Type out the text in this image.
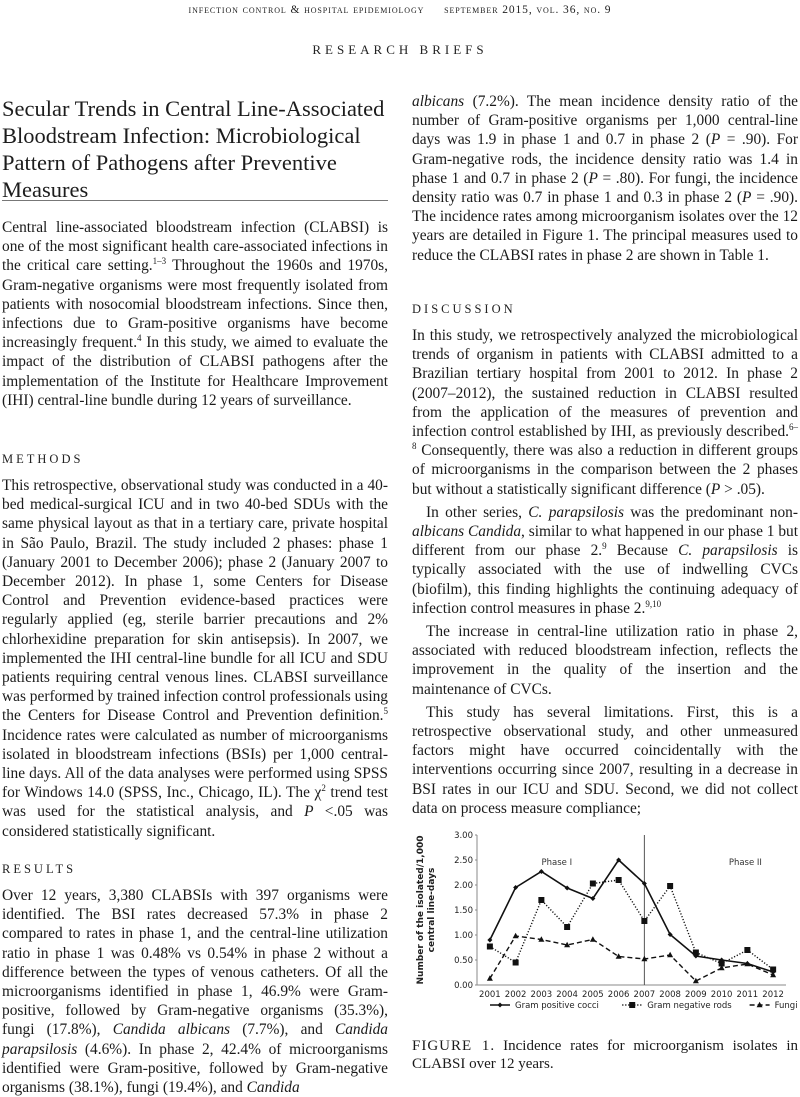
infection control & hospital epidemiology september 2015, vol. 36, no. 9
RESEARCH BRIEFS
Secular Trends in Central Line-Associated Bloodstream Infection: Microbiological Pattern of Pathogens after Preventive Measures

Central line-associated bloodstream infection (CLABSI) is one of the most significant health care-associated infections in the critical care setting.$^{1-3}$ Throughout the 1960s and 1970s, Gram-negative organisms were most frequently isolated from patients with nosocomial bloodstream infections. Since then, infections due to Gram-positive organisms have become increasingly frequent.$^4$ In this study, we aimed to evaluate the impact of the distribution of CLABSI pathogens after the implementation of the Institute for Healthcare Improvement (IHI) central-line bundle during 12 years of surveillance.

METHODS

This retrospective, observational study was conducted in a 40-bed medical-surgical ICU and in two 40-bed SDUs with the same physical layout as that in a tertiary care, private hospital in São Paulo, Brazil. The study included 2 phases: phase 1 (January 2001 to December 2006); phase 2 (January 2007 to December 2012). In phase 1, some Centers for Disease Control and Prevention evidence-based practices were regularly applied (eg, sterile barrier precautions and 2% chlorhexidine preparation for skin antisepsis). In 2007, we implemented the IHI central-line bundle for all ICU and SDU patients requiring central venous lines. CLABSI surveillance was performed by trained infection control professionals using the Centers for Disease Control and Prevention definition.$^5$ Incidence rates were calculated as number of microorganisms isolated in bloodstream infections (BSIs) per 1,000 central-line days. All of the data analyses were performed using SPSS for Windows 14.0 (SPSS, Inc., Chicago, IL). The $\chi^2$ trend test was used for the statistical analysis, and P <.05 was considered statistically significant.

RESULTS

Over 12 years, 3,380 CLABSIs with 397 organisms were identified. The BSI rates decreased 57.3% in phase 2 compared to rates in phase 1, and the central-line utilization ratio in phase 1 was 0.48% vs 0.54% in phase 2 without a difference between the types of venous catheters. Of all the microorganisms identified in phase 1, 46.9% were Gram-positive, followed by Gram-negative organisms (35.3%), fungi (17.8%), Candida albicans (7.7%), and Candida parapsilosis (4.6%). In phase 2, 42.4% of microorganisms identified were Gram-positive, followed by Gram-negative organisms (38.1%), fungi (19.4%), and Candida

albicans (7.2%). The mean incidence density ratio of the number of Gram-positive organisms per 1,000 central-line days was 1.9 in phase 1 and 0.7 in phase 2 (P = .90). For Gram-negative rods, the incidence density ratio was 1.4 in phase 1 and 0.7 in phase 2 (P = .80). For fungi, the incidence density ratio was 0.7 in phase 1 and 0.3 in phase 2 (P = .90). The incidence rates among microorganism isolates over the 12 years are detailed in Figure 1. The principal measures used to reduce the CLABSI rates in phase 2 are shown in Table 1.

DISCUSSION

In this study, we retrospectively analyzed the microbiological trends of organism in patients with CLABSI admitted to a Brazilian tertiary hospital from 2001 to 2012. In phase 2 (2007–2012), the sustained reduction in CLABSI resulted from the application of the measures of prevention and infection control established by IHI, as previously described.$^{6-8}$ Consequently, there was also a reduction in different groups of microorganisms in the comparison between the 2 phases but without a statistically significant difference (P > .05).

In other series, C. parapsilosis was the predominant non-albicans Candida, similar to what happened in our phase 1 but different from our phase 2.$^9$ Because C. parapsilosis is typically associated with the use of indwelling CVCs (biofilm), this finding highlights the continuing adequacy of infection control measures in phase 2.$^{9,10}$

The increase in central-line utilization ratio in phase 2, associated with reduced bloodstream infection, reflects the improvement in the quality of the insertion and the maintenance of CVCs.

This study has several limitations. First, this is a retrospective observational study, and other unmeasured factors might have occurred coincidentally with the interventions occurring since 2007, resulting in a decrease in BSI rates in our ICU and SDU. Second, we did not collect data on process measure compliance;

Number of the isolated/1,000 central line-days
0.00
0.50
1.00
1.50
2.00
2.50
3.00
2001 2002 2003 2004 2005 2006 2007 2008 2009 2010 2011 2012
Phase I	Phase II
Gram positive cocci	Gram negative rods	Fungi
FIGURE 1. Incidence rates for microorganism isolates in CLABSI over 12 years.
